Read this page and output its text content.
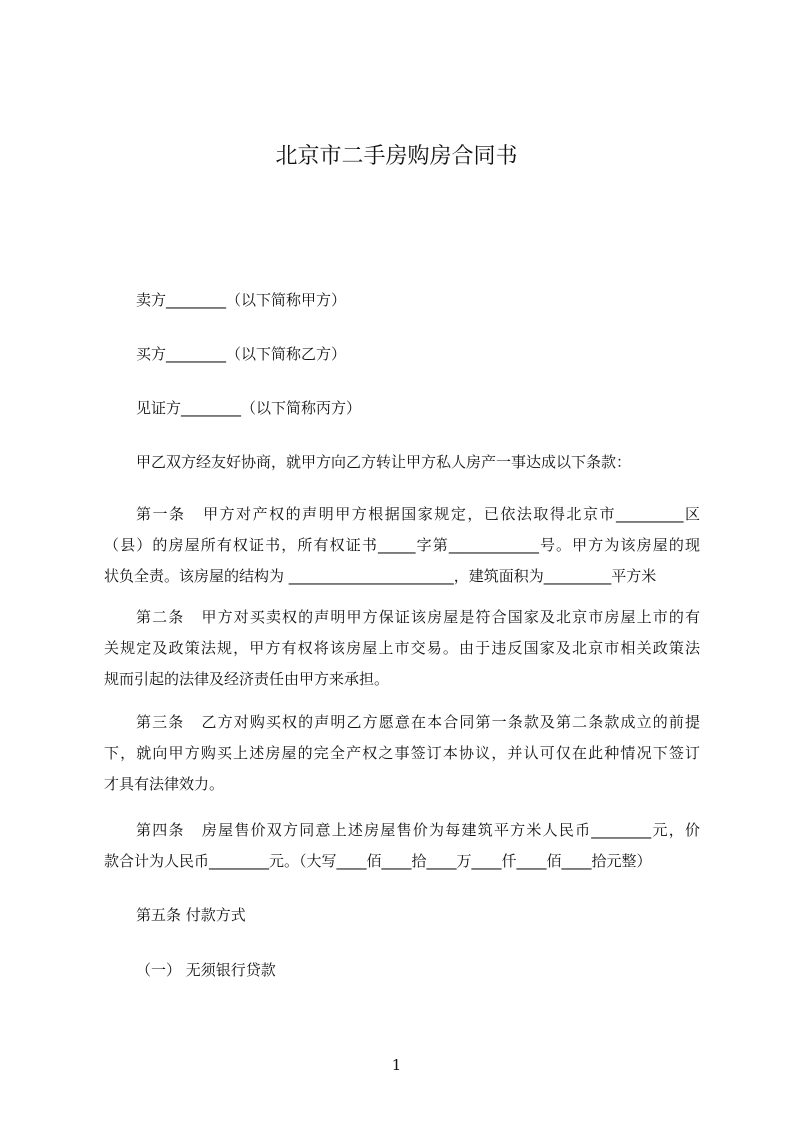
北京市二手房购房合同书
卖方________（以下简称甲方）
买方________（以下简称乙方）
见证方________（以下简称丙方）
甲乙双方经友好协商，就甲方向乙方转让甲方私人房产一事达成以下条款：
第一条 甲方对产权的声明甲方根据国家规定，已依法取得北京市_________区
（县）的房屋所有权证书，所有权证书_____字第____________号。甲方为该房屋的现
状负全责。该房屋的结构为 ______________________，建筑面积为_________平方米
第二条 甲方对买卖权的声明甲方保证该房屋是符合国家及北京市房屋上市的有
关规定及政策法规，甲方有权将该房屋上市交易。由于违反国家及北京市相关政策法
规而引起的法律及经济责任由甲方来承担。
第三条 乙方对购买权的声明乙方愿意在本合同第一条款及第二条款成立的前提
下，就向甲方购买上述房屋的完全产权之事签订本协议，并认可仅在此种情况下签订
才具有法律效力。
第四条 房屋售价双方同意上述房屋售价为每建筑平方米人民币________元，价
款合计为人民币________元。（大写____佰____拾____万____仟____佰____拾元整）
第五条 付款方式
（一） 无须银行贷款
1
